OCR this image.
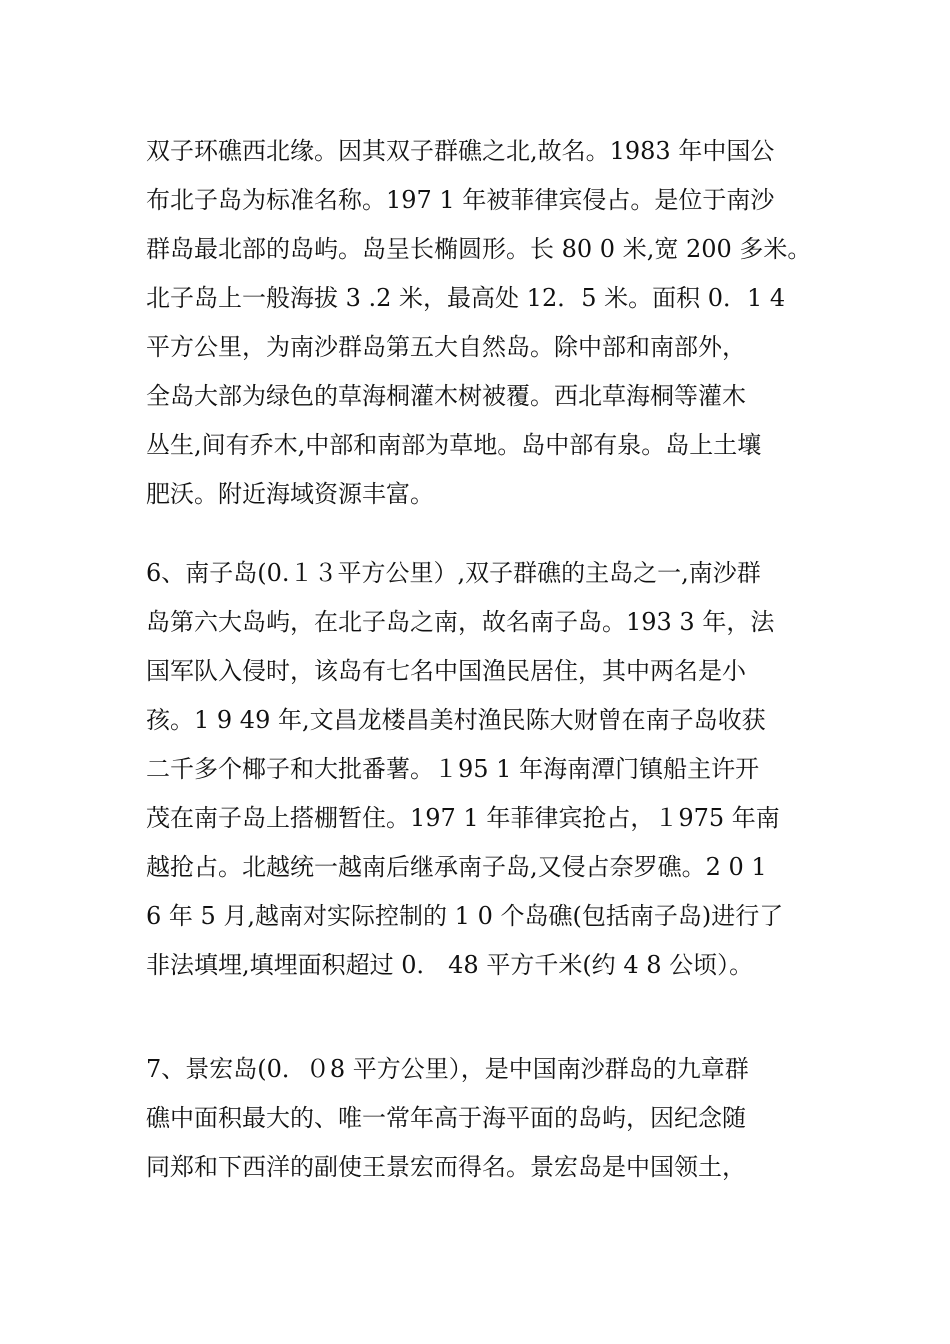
双子环礁西北缘。因其双子群礁之北,故名。1983 年中国公
布北子岛为标准名称。197 1 年被菲律宾侵占。是位于南沙
群岛最北部的岛屿。岛呈长椭圆形。长 80 0 米,宽 200 多米。
北子岛上一般海拔 3 .2 米，最高处 12．5 米。面积 0．1 4
平方公里，为南沙群岛第五大自然岛。除中部和南部外，
全岛大部为绿色的草海桐灌木树被覆。西北草海桐等灌木
丛生,间有乔木,中部和南部为草地。岛中部有泉。岛上土壤
肥沃。附近海域资源丰富。
6、南子岛(0.１３平方公里）,双子群礁的主岛之一,南沙群
岛第六大岛屿，在北子岛之南，故名南子岛。193 3 年，法
国军队入侵时，该岛有七名中国渔民居住，其中两名是小
孩。1 9 49 年,文昌龙楼昌美村渔民陈大财曾在南子岛收获
二千多个椰子和大批番薯。１95 1 年海南潭门镇船主许开
茂在南子岛上搭棚暂住。197 1 年菲律宾抢占，１975 年南
越抢占。北越统一越南后继承南子岛,又侵占奈罗礁。2 0 1
6 年 5 月,越南对实际控制的 1 0 个岛礁(包括南子岛)进行了
非法填埋,填埋面积超过 0． 48 平方千米(约 4 8 公顷）。
7、景宏岛(0．０8 平方公里），是中国南沙群岛的九章群
礁中面积最大的、唯一常年高于海平面的岛屿，因纪念随
同郑和下西洋的副使王景宏而得名。景宏岛是中国领土，
